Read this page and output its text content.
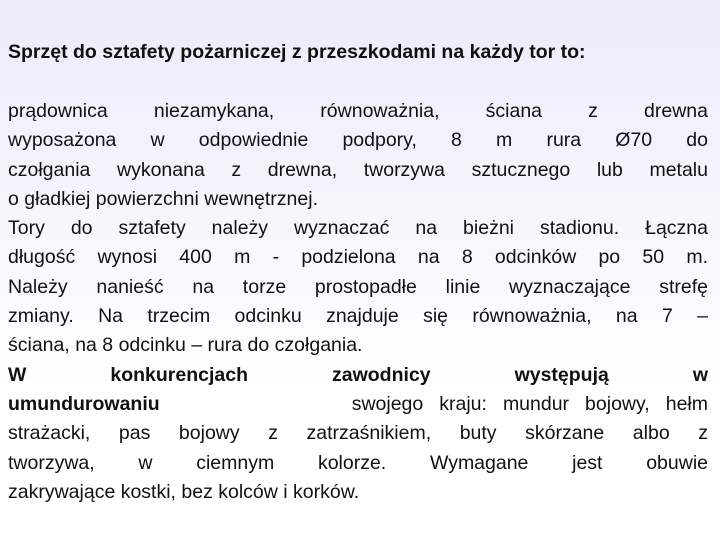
Sprzęt do sztafety pożarniczej z przeszkodami na każdy tor to:
prądownica niezamykana, równoważnia, ściana z drewna
wyposażona w odpowiednie podpory, 8 m rura Ø70 do
czołgania wykonana z drewna, tworzywa sztucznego lub metalu
o gładkiej powierzchni wewnętrznej.
Tory do sztafety należy wyznaczać na bieżni stadionu. Łączna
długość wynosi 400 m - podzielona na 8 odcinków po 50 m.
Należy nanieść na torze prostopadłe linie wyznaczające strefę
zmiany. Na trzecim odcinku znajduje się równoważnia, na 7 –
ściana, na 8 odcinku – rura do czołgania.
W konkurencjach zawodnicy występują w
umundurowaniu	swojego kraju: mundur bojowy, hełm
strażacki, pas bojowy z zatrzaśnikiem, buty skórzane albo z
tworzywa, w ciemnym kolorze. Wymagane jest obuwie
zakrywające kostki, bez kolców i korków.
